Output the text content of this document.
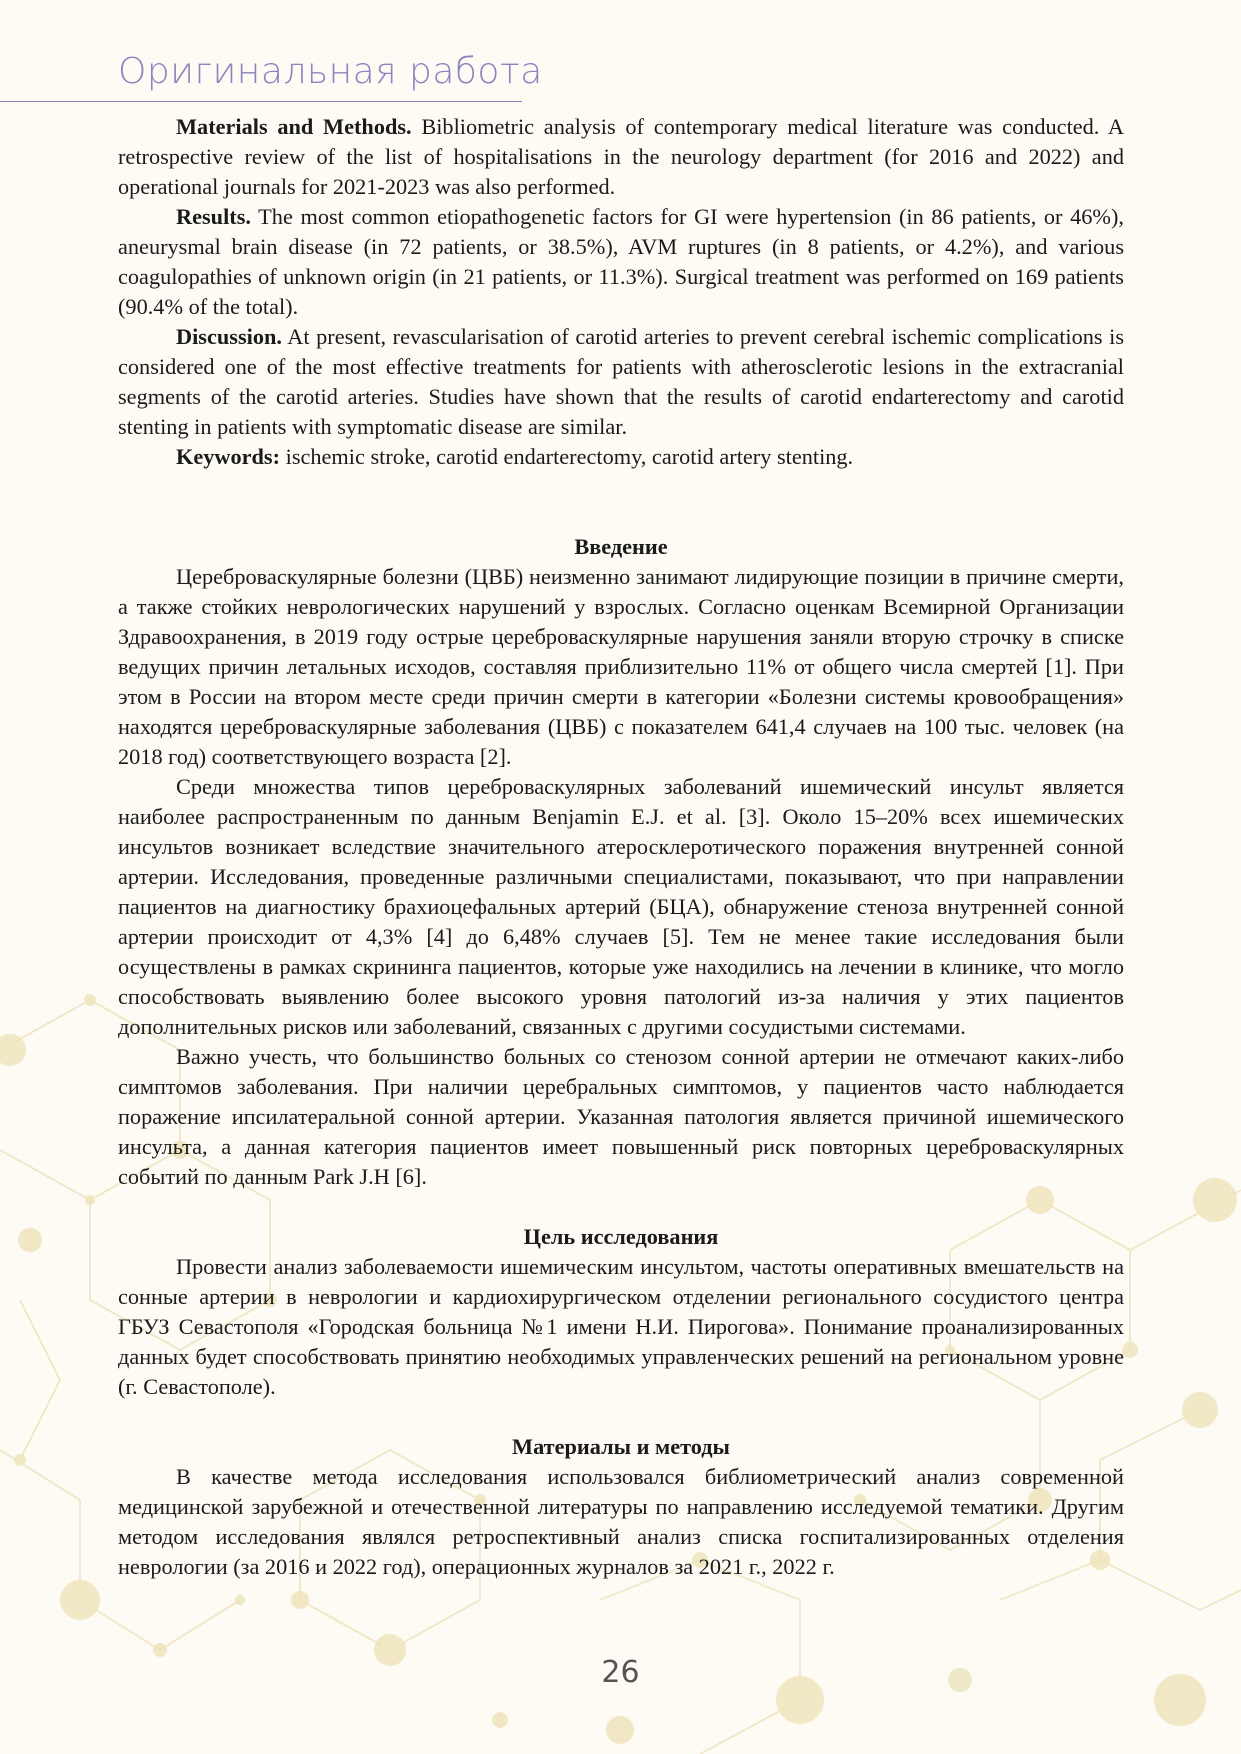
Оригинальная работа

Materials and Methods. Bibliometric analysis of contemporary medical literature was conducted. A retrospective review of the list of hospitalisations in the neurology department (for 2016 and 2022) and operational journals for 2021-2023 was also performed.

Results. The most common etiopathogenetic factors for GI were hypertension (in 86 patients, or 46%), aneurysmal brain disease (in 72 patients, or 38.5%), AVM ruptures (in 8 patients, or 4.2%), and various coagulopathies of unknown origin (in 21 patients, or 11.3%). Surgical treatment was performed on 169 patients (90.4% of the total).

Discussion. At present, revascularisation of carotid arteries to prevent cerebral ischemic complications is considered one of the most effective treatments for patients with atherosclerotic lesions in the extracranial segments of the carotid arteries. Studies have shown that the results of carotid endarterectomy and carotid stenting in patients with symptomatic disease are similar.

Keywords: ischemic stroke, carotid endarterectomy, carotid artery stenting.

Введение

Цереброваскулярные болезни (ЦВБ) неизменно занимают лидирующие позиции в причине смерти, а также стойких неврологических нарушений у взрослых. Согласно оценкам Всемирной Организации Здравоохранения, в 2019 году острые цереброваскулярные нарушения заняли вторую строчку в списке ведущих причин летальных исходов, составляя приблизительно 11% от общего числа смертей [1]. При этом в России на втором месте среди причин смерти в категории «Болезни системы кровообращения» находятся цереброваскулярные заболевания (ЦВБ) с показателем 641,4 случаев на 100 тыс. человек (на 2018 год) соответствующего возраста [2].

Среди множества типов цереброваскулярных заболеваний ишемический инсульт является наиболее распространенным по данным Benjamin E.J. et al. [3]. Около 15–20% всех ишемических инсультов возникает вследствие значительного атеросклеротического поражения внутренней сонной артерии. Исследования, проведенные различными специалистами, показывают, что при направлении пациентов на диагностику брахиоцефальных артерий (БЦА), обнаружение стеноза внутренней сонной артерии происходит от 4,3% [4] до 6,48% случаев [5]. Тем не менее такие исследования были осуществлены в рамках скрининга пациентов, которые уже находились на лечении в клинике, что могло способствовать выявлению более высокого уровня патологий из-за наличия у этих пациентов дополнительных рисков или заболеваний, связанных с другими сосудистыми системами.

Важно учесть, что большинство больных со стенозом сонной артерии не отмечают каких-либо симптомов заболевания. При наличии церебральных симптомов, у пациентов часто наблюдается поражение ипсилатеральной сонной артерии. Указанная патология является причиной ишемического инсульта, а данная категория пациентов имеет повышенный риск повторных цереброваскулярных событий по данным Park J.H [6].

Цель исследования

Провести анализ заболеваемости ишемическим инсультом, частоты оперативных вмешательств на сонные артерии в неврологии и кардиохирургическом отделении регионального сосудистого центра ГБУЗ Севастополя «Городская больница №1 имени Н.И. Пирогова». Понимание проанализированных данных будет способствовать принятию необходимых управленческих решений на региональном уровне (г. Севастополе).

Материалы и методы

В качестве метода исследования использовался библиометрический анализ современной медицинской зарубежной и отечественной литературы по направлению исследуемой тематики. Другим методом исследования являлся ретроспективный анализ списка госпитализированных отделения неврологии (за 2016 и 2022 год), операционных журналов за 2021 г., 2022 г.

26
